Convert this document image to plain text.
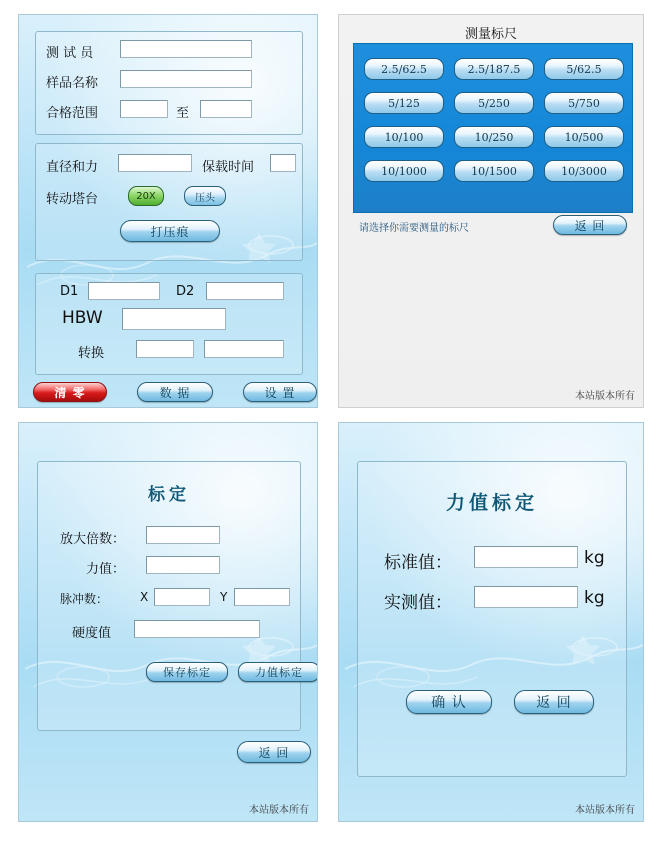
测 试 员
样品名称
合格范围	至
直径和力	保载时间
转动塔台	20X	压头
打压痕
D1	D2
HBW
转换
清 零	数 据	设 置
测量标尺
2.5/62.5	2.5/187.5	5/62.5
5/125	5/250	5/750
10/100	10/250	10/500
10/1000	10/1500	10/3000
请选择你需要测量的标尺	返 回
本站版本所有
标定
放大倍数：
力值：
脉冲数：	X	Y
硬度值
保存标定	力值标定
返 回
本站版本所有
力值标定
标准值：	kg
实测值：	kg
确 认	返 回
本站版本所有
